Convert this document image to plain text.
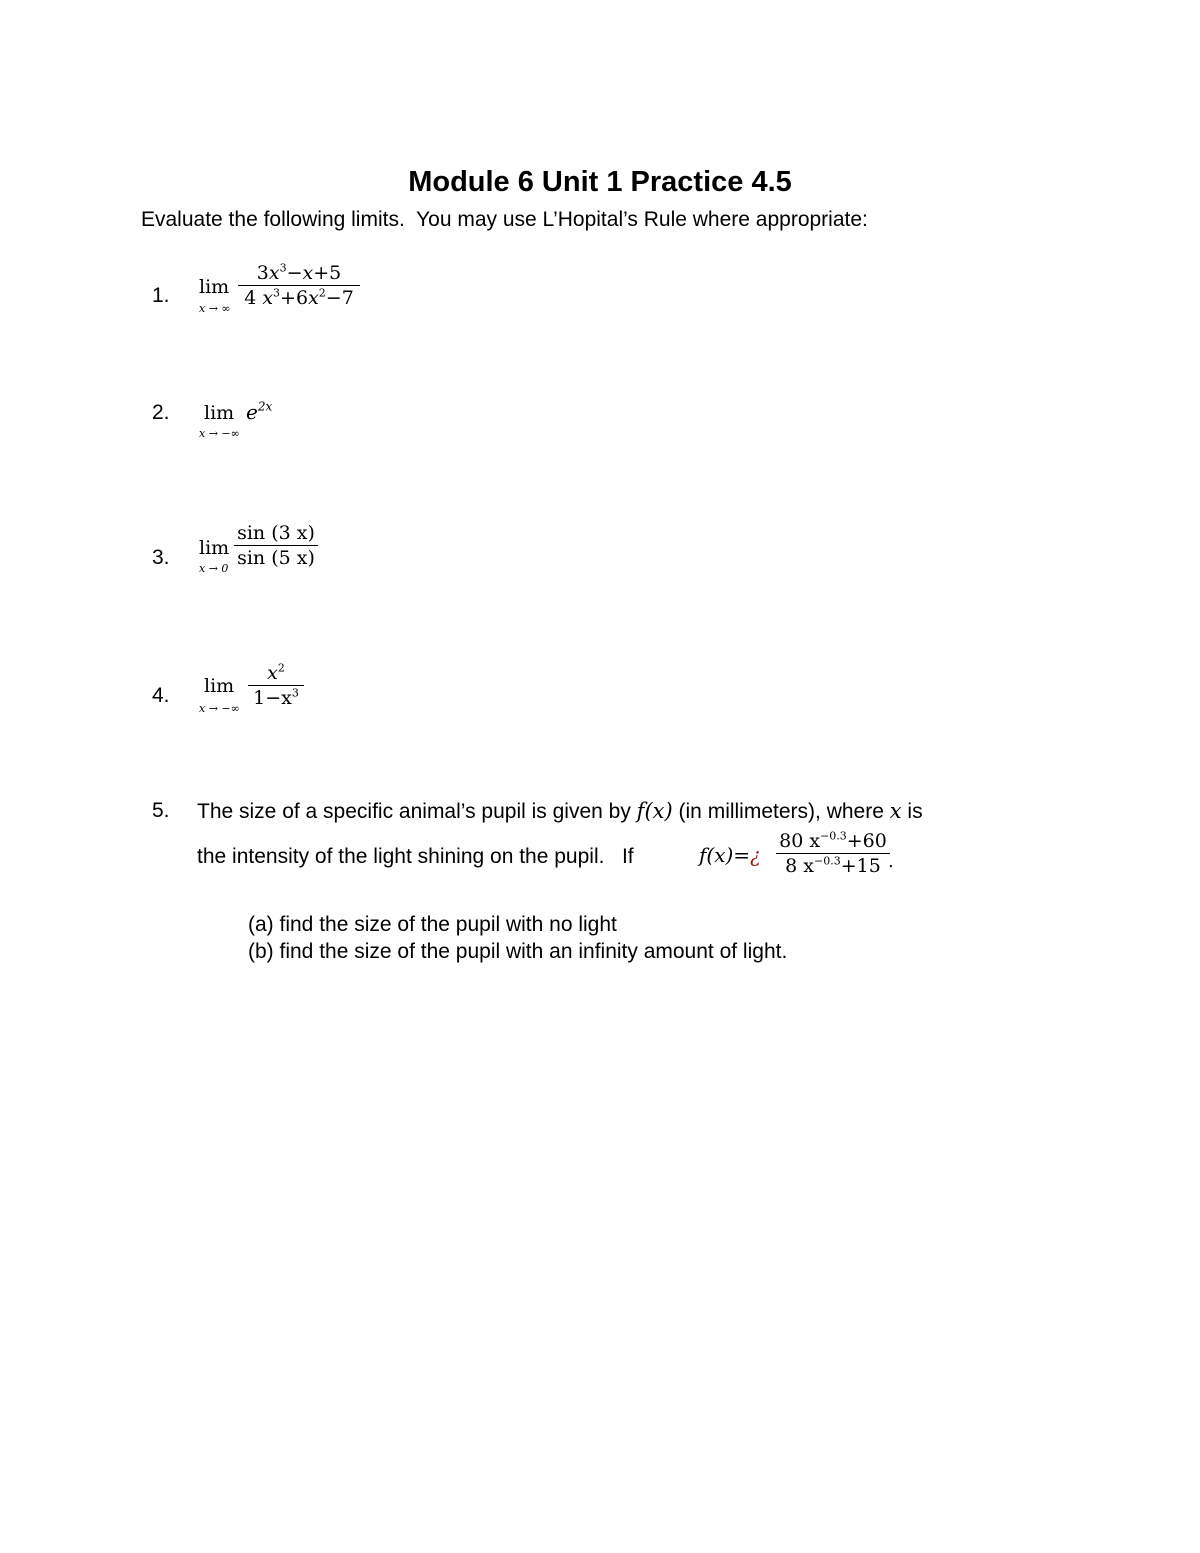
Module 6 Unit 1 Practice 4.5
Evaluate the following limits.  You may use L’Hopital’s Rule where appropriate:
1. lim
x → ∞
$3x^3-x+5$
4 $x^3+6x^2-7$
2. lim
x → −∞
$e^{2x}$
3. lim
x → 0
sin (3 x)
sin (5 x)
4. lim
x → −∞
$x^2$
$1-x^3$
5. The size of a specific animal’s pupil is given by f(x) (in millimeters), where x is
the intensity of the light shining on the pupil.   If	f(x)=¿
80 $x^{-0.3}+60$
8 $x^{-0.3}+15$ .
(a) find the size of the pupil with no light
(b) find the size of the pupil with an infinity amount of light.
